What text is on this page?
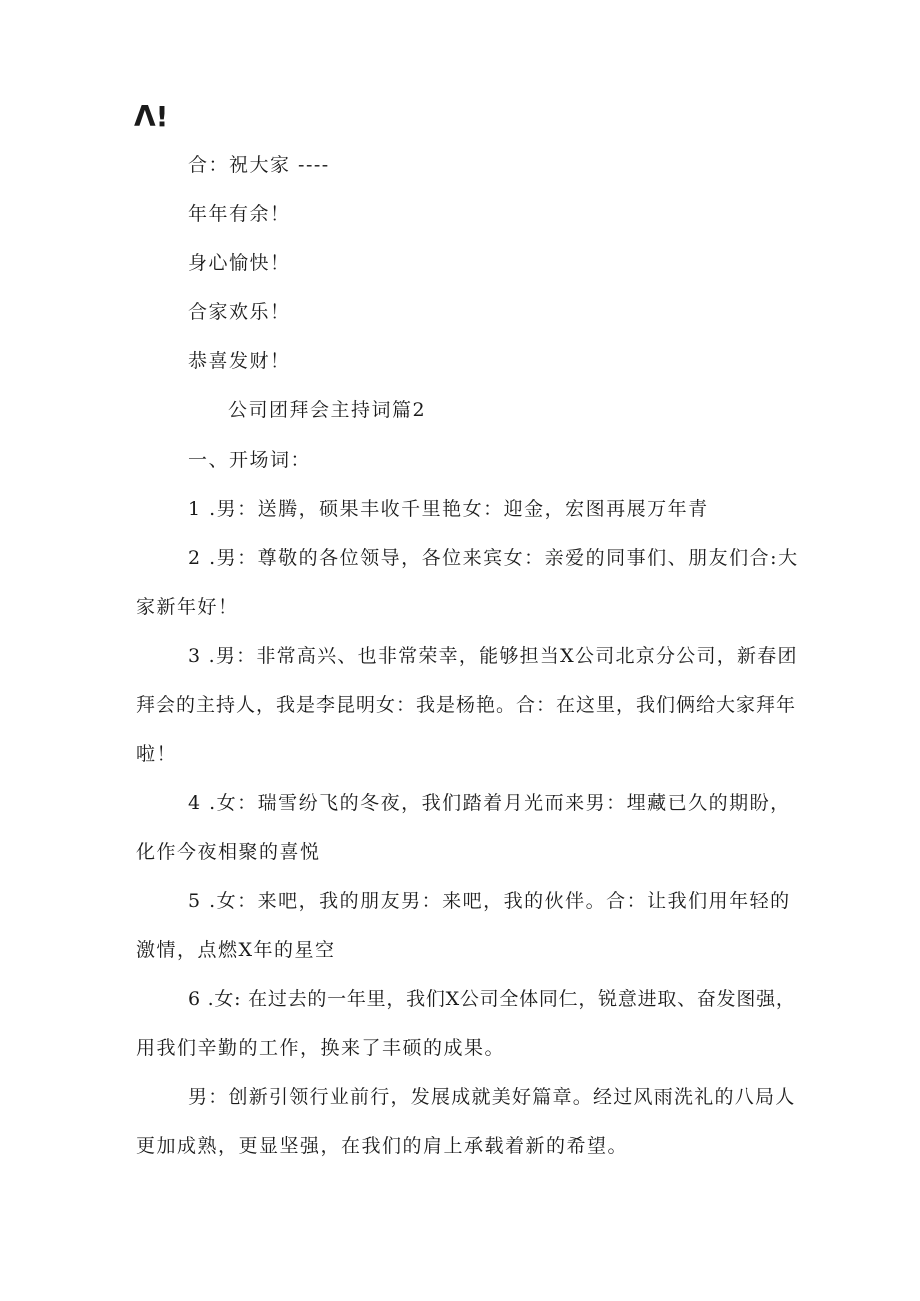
Λ!
合：祝大家 ----
年年有余！
身心愉快！
合家欢乐！
恭喜发财！
公司团拜会主持词篇2
一、开场词：
1 .男：送腾，硕果丰收千里艳女：迎金，宏图再展万年青
2 .男：尊敬的各位领导，各位来宾女：亲爱的同事们、朋友们合:大
家新年好！
3 .男：非常高兴、也非常荣幸，能够担当X公司北京分公司，新春团
拜会的主持人，我是李昆明女：我是杨艳。合：在这里，我们俩给大家拜年
啦！
4 .女：瑞雪纷飞的冬夜，我们踏着月光而来男：埋藏已久的期盼，
化作今夜相聚的喜悦
5 .女：来吧，我的朋友男：来吧，我的伙伴。合：让我们用年轻的
激情，点燃X年的星空
6 .女: 在过去的一年里，我们X公司全体同仁，锐意进取、奋发图强，
用我们辛勤的工作，换来了丰硕的成果。
男：创新引领行业前行，发展成就美好篇章。经过风雨洗礼的八局人
更加成熟，更显坚强，在我们的肩上承载着新的希望。
